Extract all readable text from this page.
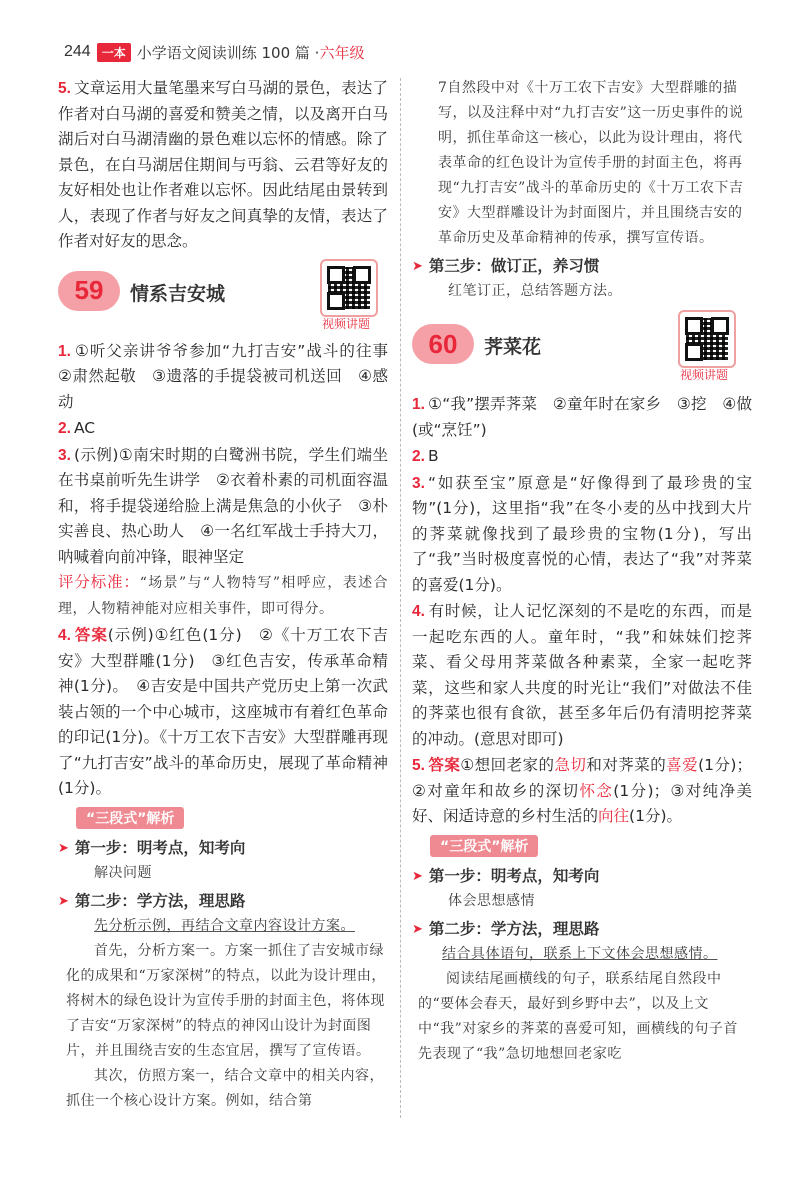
244 一本 小学语文阅读训练 100 篇 · 六年级

5. 文章运用大量笔墨来写白马湖的景色，表达了作者对白马湖的喜爱和赞美之情，以及离开白马湖后对白马湖清幽的景色难以忘怀的情感。除了景色，在白马湖居住期间与丏翁、云君等好友的友好相处也让作者难以忘怀。因此结尾由景转到人，表现了作者与好友之间真挚的友情，表达了作者对好友的思念。

59	情系吉安城
视频讲题

1. ①听父亲讲爷爷参加“九打吉安”战斗的往事　②肃然起敬　③遗落的手提袋被司机送回　④感动

2. AC

3. (示例)①南宋时期的白鹭洲书院，学生们端坐在书桌前听先生讲学　②衣着朴素的司机面容温和，将手提袋递给脸上满是焦急的小伙子　③朴实善良、热心助人　④一名红军战士手持大刀，呐喊着向前冲锋，眼神坚定
评分标准：“场景”与“人物特写”相呼应，表述合理，人物精神能对应相关事件，即可得分。

4. 答案(示例)①红色(1分)　②《十万工农下吉安》大型群雕(1分)　③红色吉安，传承革命精神(1分)。　④吉安是中国共产党历史上第一次武装占领的一个中心城市，这座城市有着红色革命的印记(1分)。《十万工农下吉安》大型群雕再现了“九打吉安”战斗的革命历史，展现了革命精神(1分)。

“三段式”解析
➤ 第一步：明考点，知考向

解决问题

➤ 第二步：学方法，理思路

先分析示例，再结合文章内容设计方案。

首先，分析方案一。方案一抓住了吉安城市绿化的成果和“万家深树”的特点，以此为设计理由，将树木的绿色设计为宣传手册的封面主色，将体现了吉安“万家深树”的特点的神冈山设计为封面图片，并且围绕吉安的生态宜居，撰写了宣传语。

其次，仿照方案一，结合文章中的相关内容，抓住一个核心设计方案。例如，结合第

7自然段中对《十万工农下吉安》大型群雕的描写，以及注释中对“九打吉安”这一历史事件的说明，抓住革命这一核心，以此为设计理由，将代表革命的红色设计为宣传手册的封面主色，将再现“九打吉安”战斗的革命历史的《十万工农下吉安》大型群雕设计为封面图片，并且围绕吉安的革命历史及革命精神的传承，撰写宣传语。

➤ 第三步：做订正，养习惯

红笔订正，总结答题方法。

60	荠菜花
视频讲题

1. ①“我”摆弄荠菜　②童年时在家乡　③挖　④做(或“烹饪”)

2. B

3. “如获至宝”原意是“好像得到了最珍贵的宝物”(1分)，这里指“我”在冬小麦的丛中找到大片的荠菜就像找到了最珍贵的宝物(1分)，写出了“我”当时极度喜悦的心情，表达了“我”对荠菜的喜爱(1分)。

4. 有时候，让人记忆深刻的不是吃的东西，而是一起吃东西的人。童年时，“我”和妹妹们挖荠菜、看父母用荠菜做各种素菜，全家一起吃荠菜，这些和家人共度的时光让“我们”对做法不佳的荠菜也很有食欲，甚至多年后仍有清明挖荠菜的冲动。(意思对即可)

5. 答案①想回老家的急切和对荠菜的喜爱(1分)；②对童年和故乡的深切怀念(1分)；③对纯净美好、闲适诗意的乡村生活的向往(1分)。

“三段式”解析
➤ 第一步：明考点，知考向

体会思想感情

➤ 第二步：学方法，理思路

结合具体语句，联系上下文体会思想感情。

阅读结尾画横线的句子，联系结尾自然段中的“要体会春天，最好到乡野中去”，以及上文中“我”对家乡的荠菜的喜爱可知，画横线的句子首先表现了“我”急切地想回老家吃
